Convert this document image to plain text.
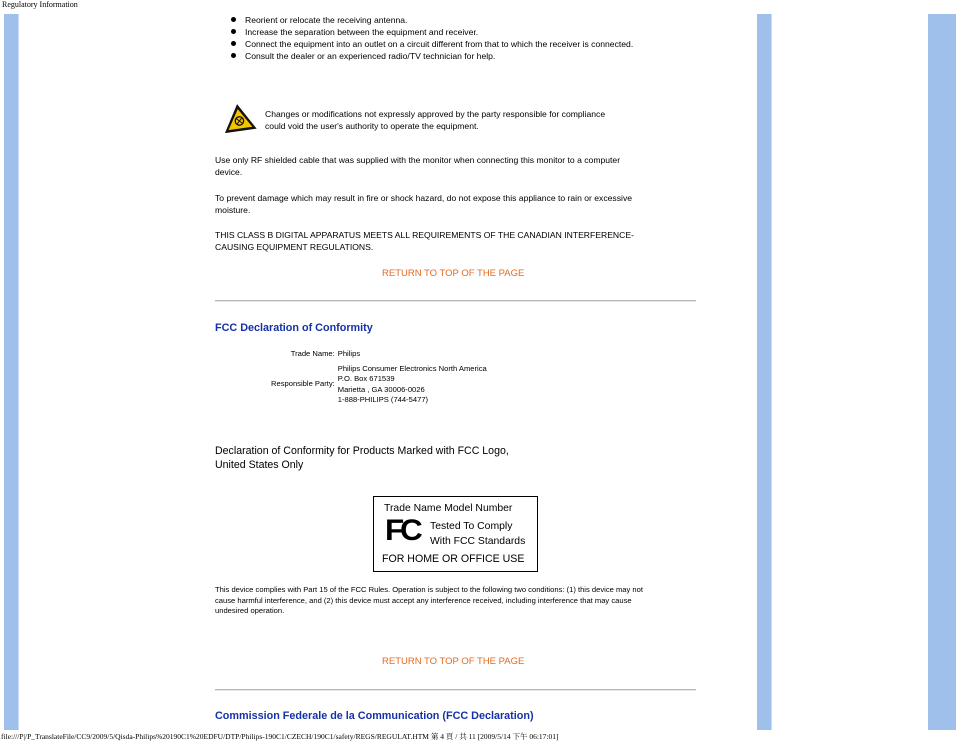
Regulatory Information
Reorient or relocate the receiving antenna.
Increase the separation between the equipment and receiver.
Connect the equipment into an outlet on a circuit different from that to which the receiver is connected.
Consult the dealer or an experienced radio/TV technician for help.
Changes or modifications not expressly approved by the party responsible for compliance
could void the user's authority to operate the equipment.
Use only RF shielded cable that was supplied with the monitor when connecting this monitor to a computer
device.
To prevent damage which may result in fire or shock hazard, do not expose this appliance to rain or excessive
moisture.
THIS CLASS B DIGITAL APPARATUS MEETS ALL REQUIREMENTS OF THE CANADIAN INTERFERENCE-
CAUSING EQUIPMENT REGULATIONS.
RETURN TO TOP OF THE PAGE
FCC Declaration of Conformity
Trade Name:	Philips

Responsible Party:	Philips Consumer Electronics North America
P.O. Box 671539
Marietta , GA 30006-0026
1-888-PHILIPS (744-5477)
Declaration of Conformity for Products Marked with FCC Logo,
United States Only
Trade Name Model Number
FC Tested To Comply
With FCC Standards
FOR HOME OR OFFICE USE
This device complies with Part 15 of the FCC Rules. Operation is subject to the following two conditions: (1) this device may not
cause harmful interference, and (2) this device must accept any interference received, including interference that may cause
undesired operation.
RETURN TO TOP OF THE PAGE
Commission Federale de la Communication (FCC Declaration)
file:///P|/P_TranslateFile/CC9/2009/5/Qisda-Philips%20190C1%20EDFU/DTP/Philips-190C1/CZECH/190C1/safety/REGS/REGULAT.HTM 第 4 頁 / 共 11 [2009/5/14 下午 06:17:01]
